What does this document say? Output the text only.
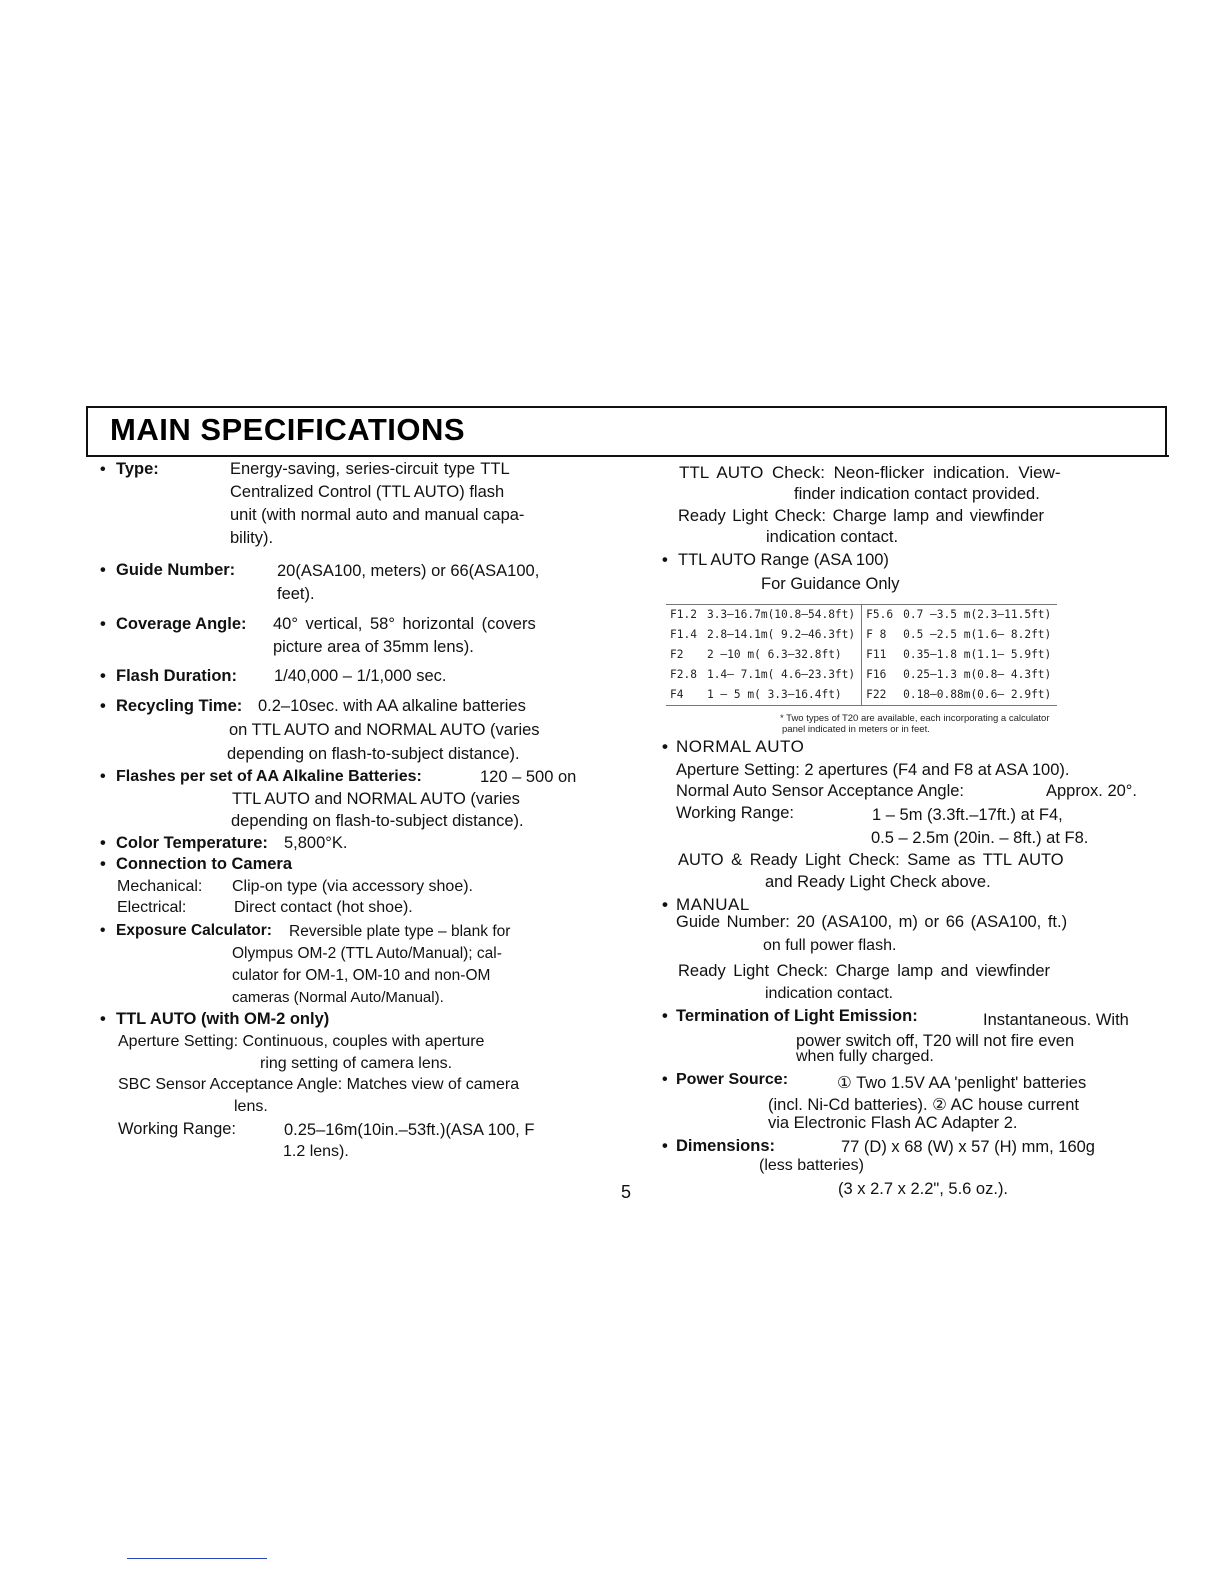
MAIN SPECIFICATIONS
• Type:	Energy-saving, series-circuit type TTL
Centralized Control (TTL AUTO) flash
unit (with normal auto and manual capa-
bility).
• Guide Number:	20(ASA100, meters) or 66(ASA100,
feet).
• Coverage Angle: 40° vertical, 58° horizontal (covers
picture area of 35mm lens).
• Flash Duration: 1/40,000 – 1/1,000 sec.
• Recycling Time: 0.2–10sec. with AA alkaline batteries
on TTL AUTO and NORMAL AUTO (varies
depending on flash-to-subject distance).
• Flashes per set of AA Alkaline Batteries:	120 – 500 on
TTL AUTO and NORMAL AUTO (varies
depending on flash-to-subject distance).
• Color Temperature: 5,800°K.
• Connection to Camera
Mechanical: Clip-on type (via accessory shoe).
Electrical:	Direct contact (hot shoe).
• Exposure Calculator: Reversible plate type – blank for
Olympus OM-2 (TTL Auto/Manual); cal-
culator for OM-1, OM-10 and non-OM
cameras (Normal Auto/Manual).
• TTL AUTO (with OM-2 only)
Aperture Setting: Continuous, couples with aperture
ring setting of camera lens.
SBC Sensor Acceptance Angle: Matches view of camera
lens.
Working Range:	0.25–16m(10in.–53ft.)(ASA 100, F
1.2 lens).
TTL AUTO Check: Neon-flicker indication. View-
finder indication contact provided.
Ready Light Check: Charge lamp and viewfinder
indication contact.
• TTL AUTO Range (ASA 100)
For Guidance Only
F1.2	3.3–16.7m(10.8–54.8ft)	F5.6	0.7 –3.5 m(2.3–11.5ft)
F1.4	2.8–14.1m( 9.2–46.3ft)	F 8	0.5 –2.5 m(1.6– 8.2ft)
F2	2 –10 m( 6.3–32.8ft)	F11	0.35–1.8 m(1.1– 5.9ft)
F2.8	1.4– 7.1m( 4.6–23.3ft)	F16	0.25–1.3 m(0.8– 4.3ft)
F4	1 – 5 m( 3.3–16.4ft)	F22	0.18–0.88m(0.6– 2.9ft)
* Two types of T20 are available, each incorporating a calculator
panel indicated in meters or in feet.
• NORMAL AUTO
Aperture Setting: 2 apertures (F4 and F8 at ASA 100).
Normal Auto Sensor Acceptance Angle:	Approx. 20°.
Working Range:	1 – 5m (3.3ft.–17ft.) at F4,
0.5 – 2.5m (20in. – 8ft.) at F8.
AUTO & Ready Light Check: Same as TTL AUTO
and Ready Light Check above.
• MANUAL
Guide Number: 20 (ASA100, m) or 66 (ASA100, ft.)
on full power flash.
Ready Light Check: Charge lamp and viewfinder
indication contact.
• Termination of Light Emission:	Instantaneous. With
power switch off, T20 will not fire even
when fully charged.
• Power Source:	① Two 1.5V AA 'penlight' batteries
(incl. Ni-Cd batteries). ② AC house current
via Electronic Flash AC Adapter 2.
• Dimensions:	77 (D) x 68 (W) x 57 (H) mm, 160g
(less batteries)
(3 x 2.7 x 2.2", 5.6 oz.).
5
